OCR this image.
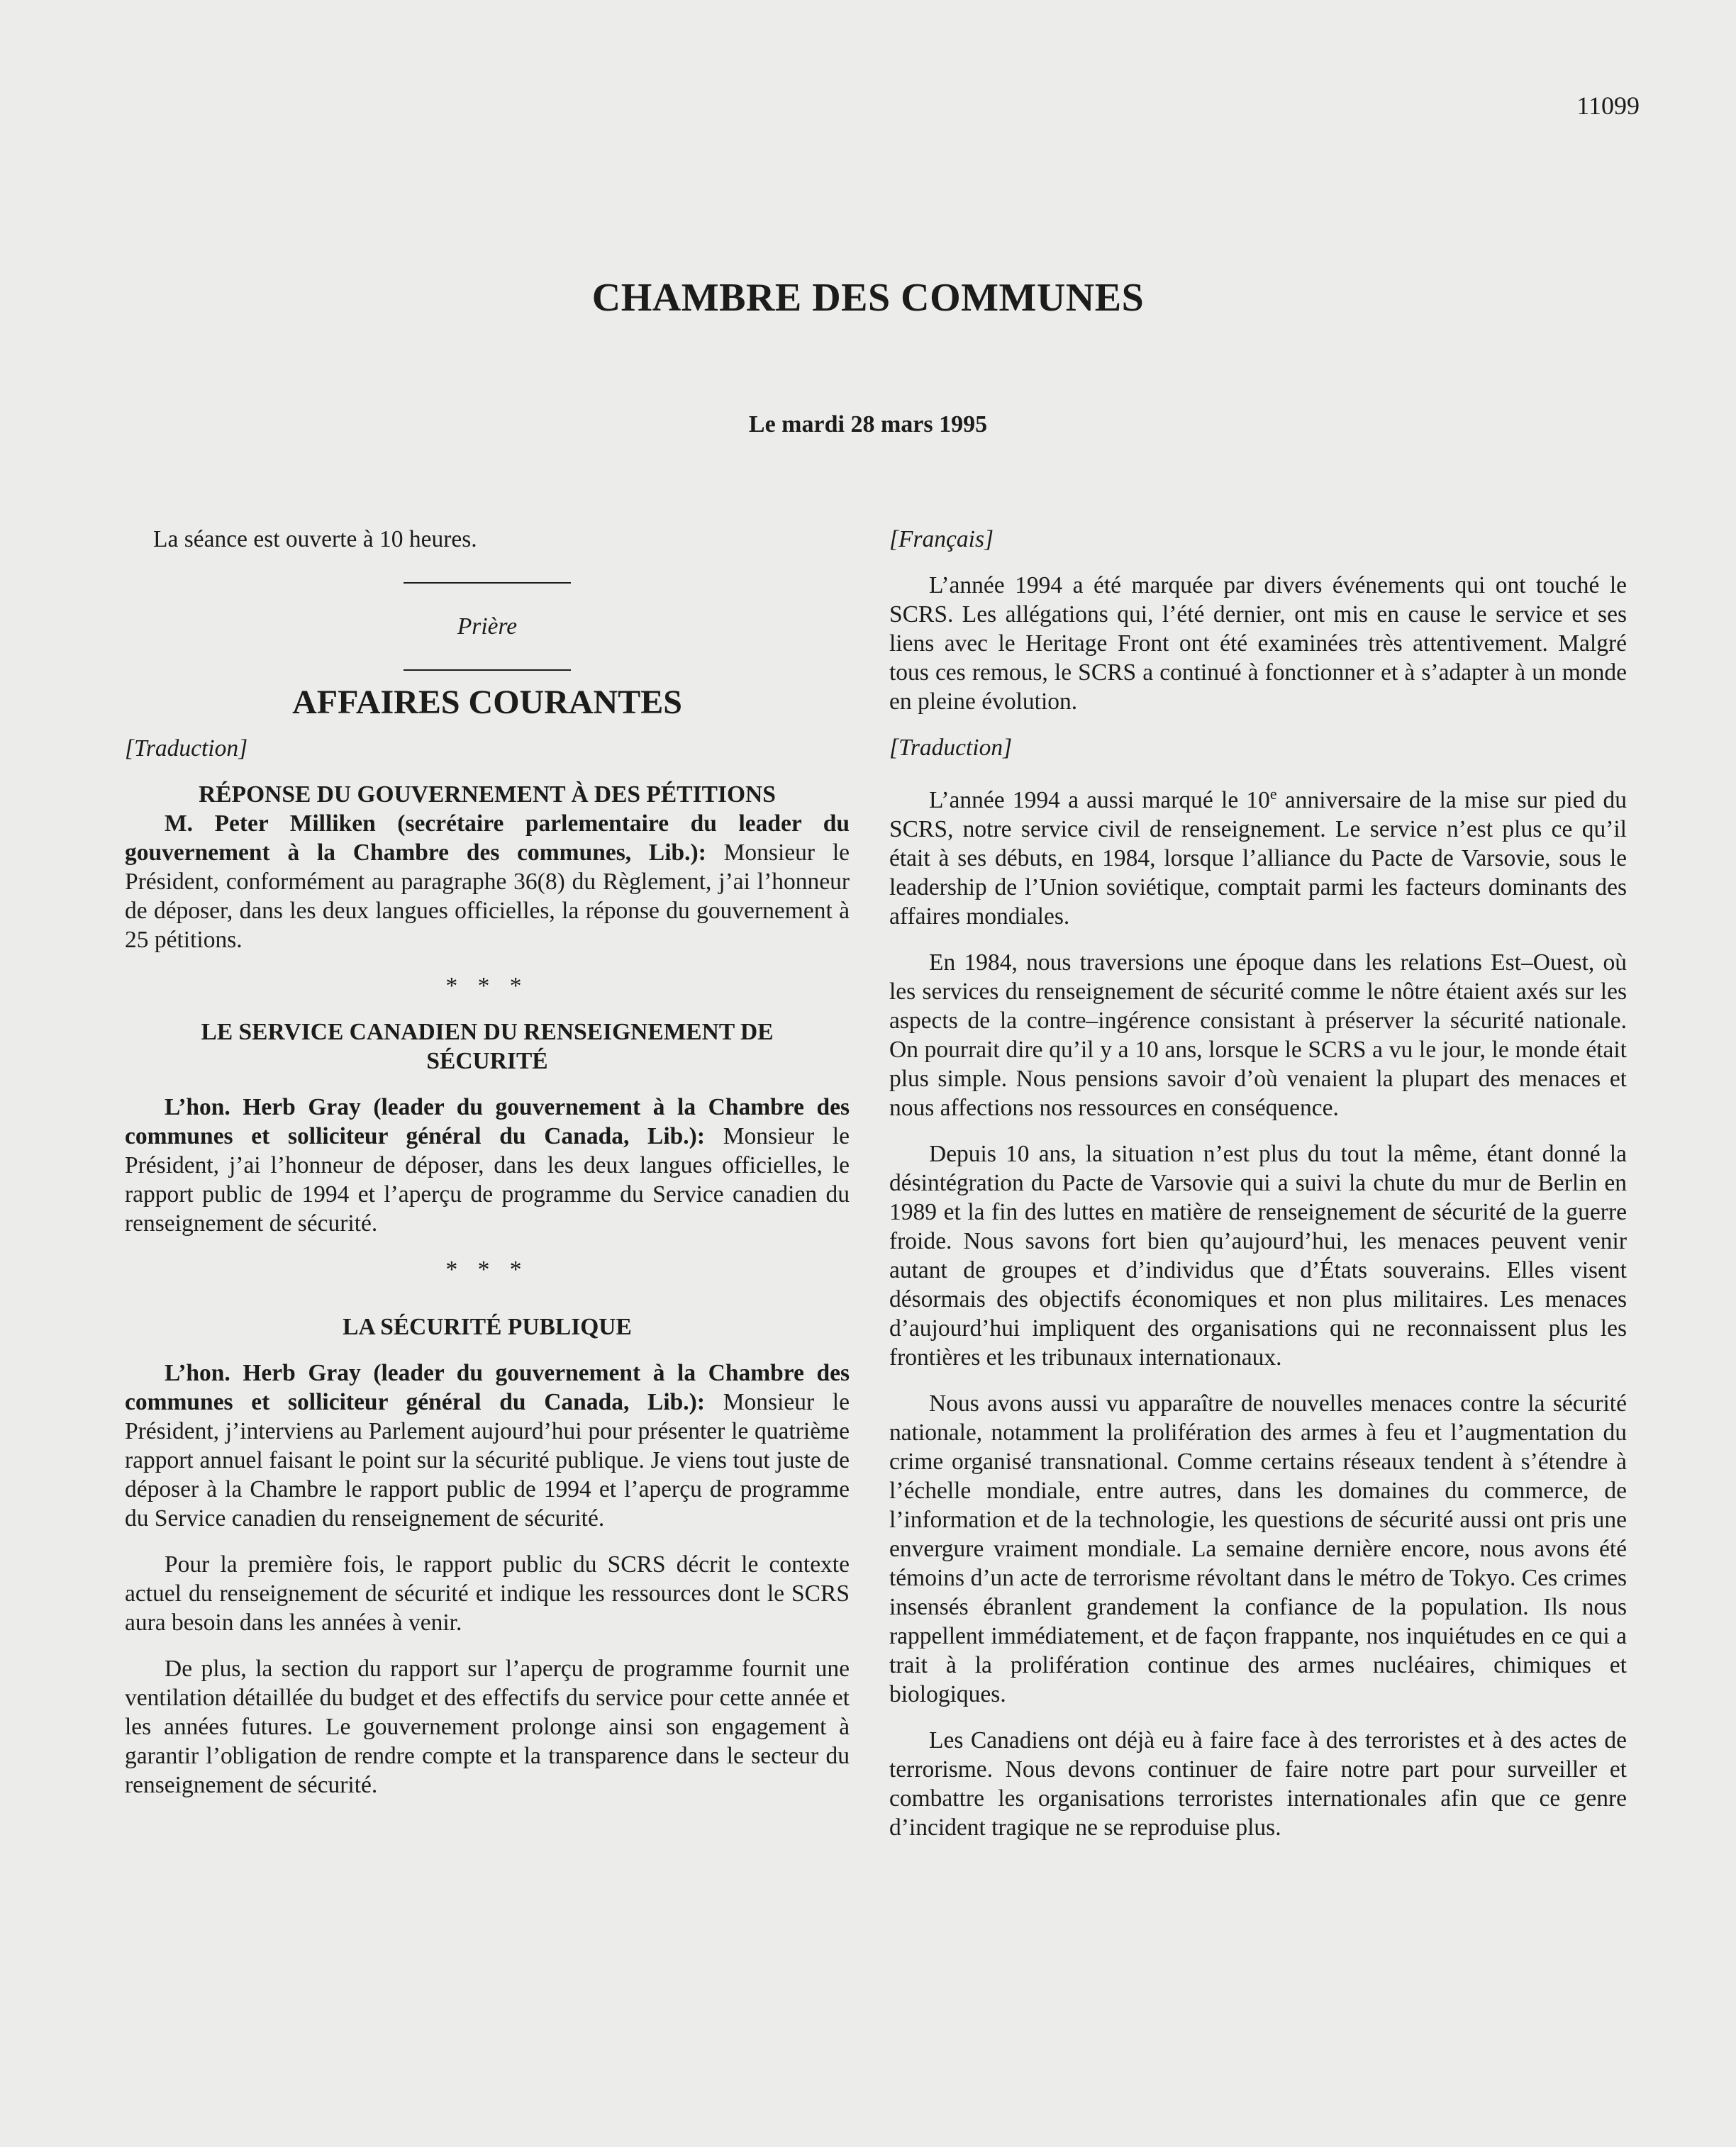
11099
CHAMBRE DES COMMUNES
Le mardi 28 mars 1995

La séance est ouverte à 10 heures.

Prière

AFFAIRES COURANTES

[Traduction]

RÉPONSE DU GOUVERNEMENT À DES PÉTITIONS

M. Peter Milliken (secrétaire parlementaire du leader du gouvernement à la Chambre des communes, Lib.): Monsieur le Président, conformément au paragraphe 36(8) du Règlement, j’ai l’honneur de déposer, dans les deux langues officielles, la réponse du gouvernement à 25 pétitions.

* * *

LE SERVICE CANADIEN DU RENSEIGNEMENT DE SÉCURITÉ

L’hon. Herb Gray (leader du gouvernement à la Chambre des communes et solliciteur général du Canada, Lib.): Monsieur le Président, j’ai l’honneur de déposer, dans les deux langues officielles, le rapport public de 1994 et l’aperçu de programme du Service canadien du renseignement de sécurité.

* * *

LA SÉCURITÉ PUBLIQUE

L’hon. Herb Gray (leader du gouvernement à la Chambre des communes et solliciteur général du Canada, Lib.): Monsieur le Président, j’interviens au Parlement aujourd’hui pour présenter le quatrième rapport annuel faisant le point sur la sécurité publique. Je viens tout juste de déposer à la Chambre le rapport public de 1994 et l’aperçu de programme du Service canadien du renseignement de sécurité.

Pour la première fois, le rapport public du SCRS décrit le contexte actuel du renseignement de sécurité et indique les ressources dont le SCRS aura besoin dans les années à venir.

De plus, la section du rapport sur l’aperçu de programme fournit une ventilation détaillée du budget et des effectifs du service pour cette année et les années futures. Le gouvernement prolonge ainsi son engagement à garantir l’obligation de rendre compte et la transparence dans le secteur du renseignement de sécurité.

[Français]

L’année 1994 a été marquée par divers événements qui ont touché le SCRS. Les allégations qui, l’été dernier, ont mis en cause le service et ses liens avec le Heritage Front ont été examinées très attentivement. Malgré tous ces remous, le SCRS a continué à fonctionner et à s’adapter à un monde en pleine évolution.

[Traduction]

L’année 1994 a aussi marqué le 10e anniversaire de la mise sur pied du SCRS, notre service civil de renseignement. Le service n’est plus ce qu’il était à ses débuts, en 1984, lorsque l’alliance du Pacte de Varsovie, sous le leadership de l’Union soviétique, comptait parmi les facteurs dominants des affaires mondiales.

En 1984, nous traversions une époque dans les relations Est–Ouest, où les services du renseignement de sécurité comme le nôtre étaient axés sur les aspects de la contre–ingérence consistant à préserver la sécurité nationale. On pourrait dire qu’il y a 10 ans, lorsque le SCRS a vu le jour, le monde était plus simple. Nous pensions savoir d’où venaient la plupart des menaces et nous affections nos ressources en conséquence.

Depuis 10 ans, la situation n’est plus du tout la même, étant donné la désintégration du Pacte de Varsovie qui a suivi la chute du mur de Berlin en 1989 et la fin des luttes en matière de renseignement de sécurité de la guerre froide. Nous savons fort bien qu’aujourd’hui, les menaces peuvent venir autant de groupes et d’individus que d’États souverains. Elles visent désormais des objectifs économiques et non plus militaires. Les menaces d’aujourd’hui impliquent des organisations qui ne reconnaissent plus les frontières et les tribunaux internationaux.

Nous avons aussi vu apparaître de nouvelles menaces contre la sécurité nationale, notamment la prolifération des armes à feu et l’augmentation du crime organisé transnational. Comme certains réseaux tendent à s’étendre à l’échelle mondiale, entre autres, dans les domaines du commerce, de l’information et de la technologie, les questions de sécurité aussi ont pris une envergure vraiment mondiale. La semaine dernière encore, nous avons été témoins d’un acte de terrorisme révoltant dans le métro de Tokyo. Ces crimes insensés ébranlent grandement la confiance de la population. Ils nous rappellent immédiatement, et de façon frappante, nos inquiétudes en ce qui a trait à la prolifération continue des armes nucléaires, chimiques et biologiques.

Les Canadiens ont déjà eu à faire face à des terroristes et à des actes de terrorisme. Nous devons continuer de faire notre part pour surveiller et combattre les organisations terroristes internationales afin que ce genre d’incident tragique ne se reproduise plus.
